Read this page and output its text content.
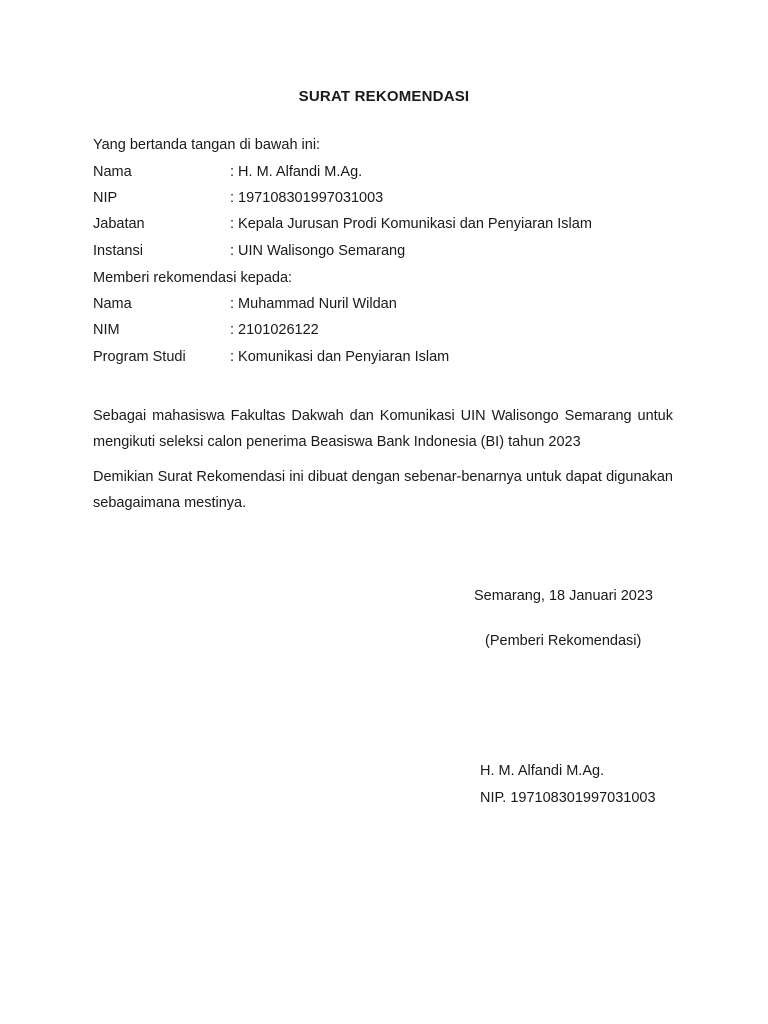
SURAT REKOMENDASI
Yang bertanda tangan di bawah ini:
Nama	: H. M. Alfandi M.Ag.
NIP	: 197108301997031003
Jabatan	: Kepala Jurusan Prodi Komunikasi dan Penyiaran Islam
Instansi	: UIN Walisongo Semarang
Memberi rekomendasi kepada:
Nama	: Muhammad Nuril Wildan
NIM	: 2101026122
Program Studi	: Komunikasi dan Penyiaran Islam
Sebagai mahasiswa Fakultas Dakwah dan Komunikasi UIN Walisongo Semarang untuk mengikuti seleksi calon penerima Beasiswa Bank Indonesia (BI) tahun 2023
Demikian Surat Rekomendasi ini dibuat dengan sebenar-benarnya untuk dapat digunakan sebagaimana mestinya.
Semarang, 18 Januari 2023
(Pemberi Rekomendasi)
H. M. Alfandi M.Ag.
NIP. 197108301997031003
